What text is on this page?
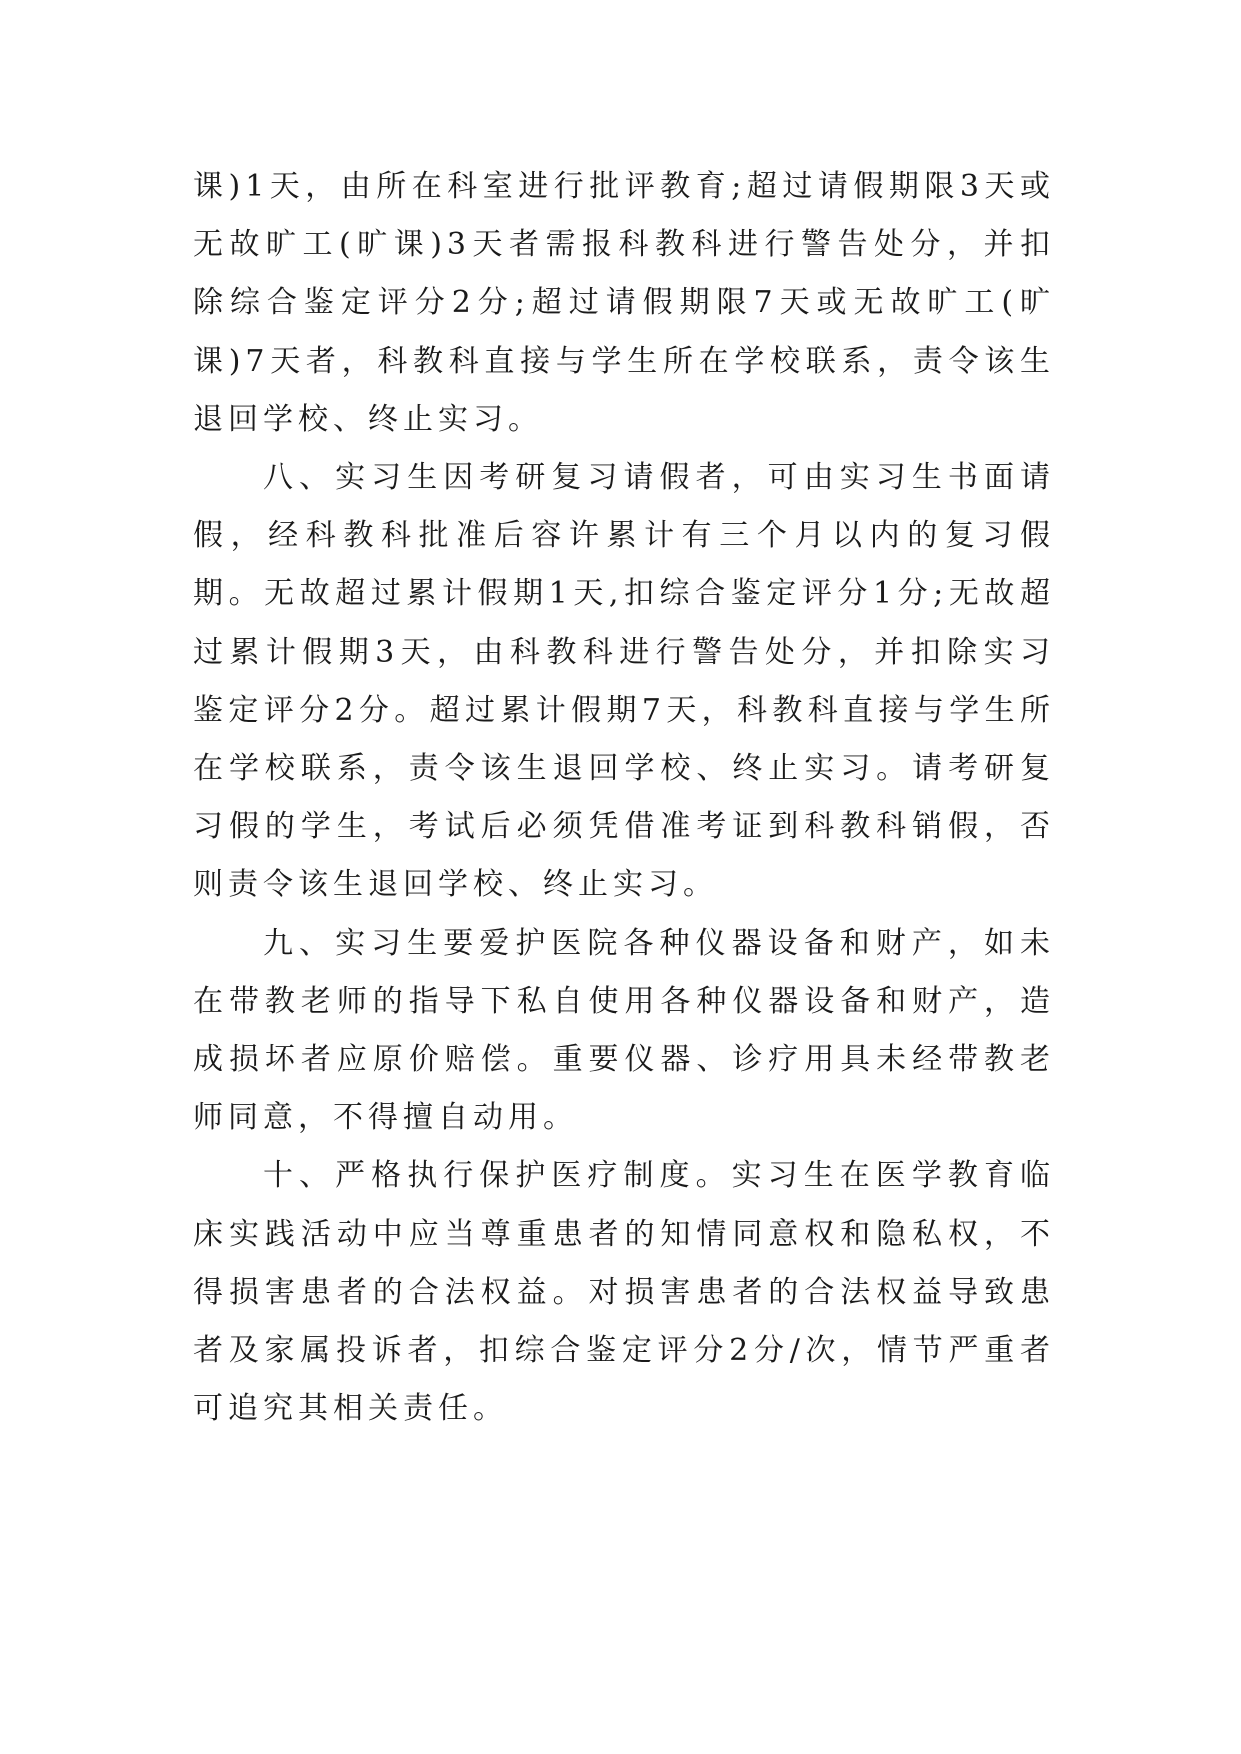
课)1天，由所在科室进行批评教育;超过请假期限3天或无故旷工(旷课)3天者需报科教科进行警告处分，并扣除综合鉴定评分2分;超过请假期限7天或无故旷工(旷课)7天者，科教科直接与学生所在学校联系，责令该生退回学校、终止实习。

八、实习生因考研复习请假者，可由实习生书面请假，经科教科批准后容许累计有三个月以内的复习假期。无故超过累计假期1天,扣综合鉴定评分1分;无故超过累计假期3天，由科教科进行警告处分，并扣除实习鉴定评分2分。超过累计假期7天，科教科直接与学生所在学校联系，责令该生退回学校、终止实习。请考研复习假的学生，考试后必须凭借准考证到科教科销假，否则责令该生退回学校、终止实习。

九、实习生要爱护医院各种仪器设备和财产，如未在带教老师的指导下私自使用各种仪器设备和财产，造成损坏者应原价赔偿。重要仪器、诊疗用具未经带教老师同意，不得擅自动用。

十、严格执行保护医疗制度。实习生在医学教育临床实践活动中应当尊重患者的知情同意权和隐私权，不得损害患者的合法权益。对损害患者的合法权益导致患者及家属投诉者，扣综合鉴定评分2分/次，情节严重者可追究其相关责任。
